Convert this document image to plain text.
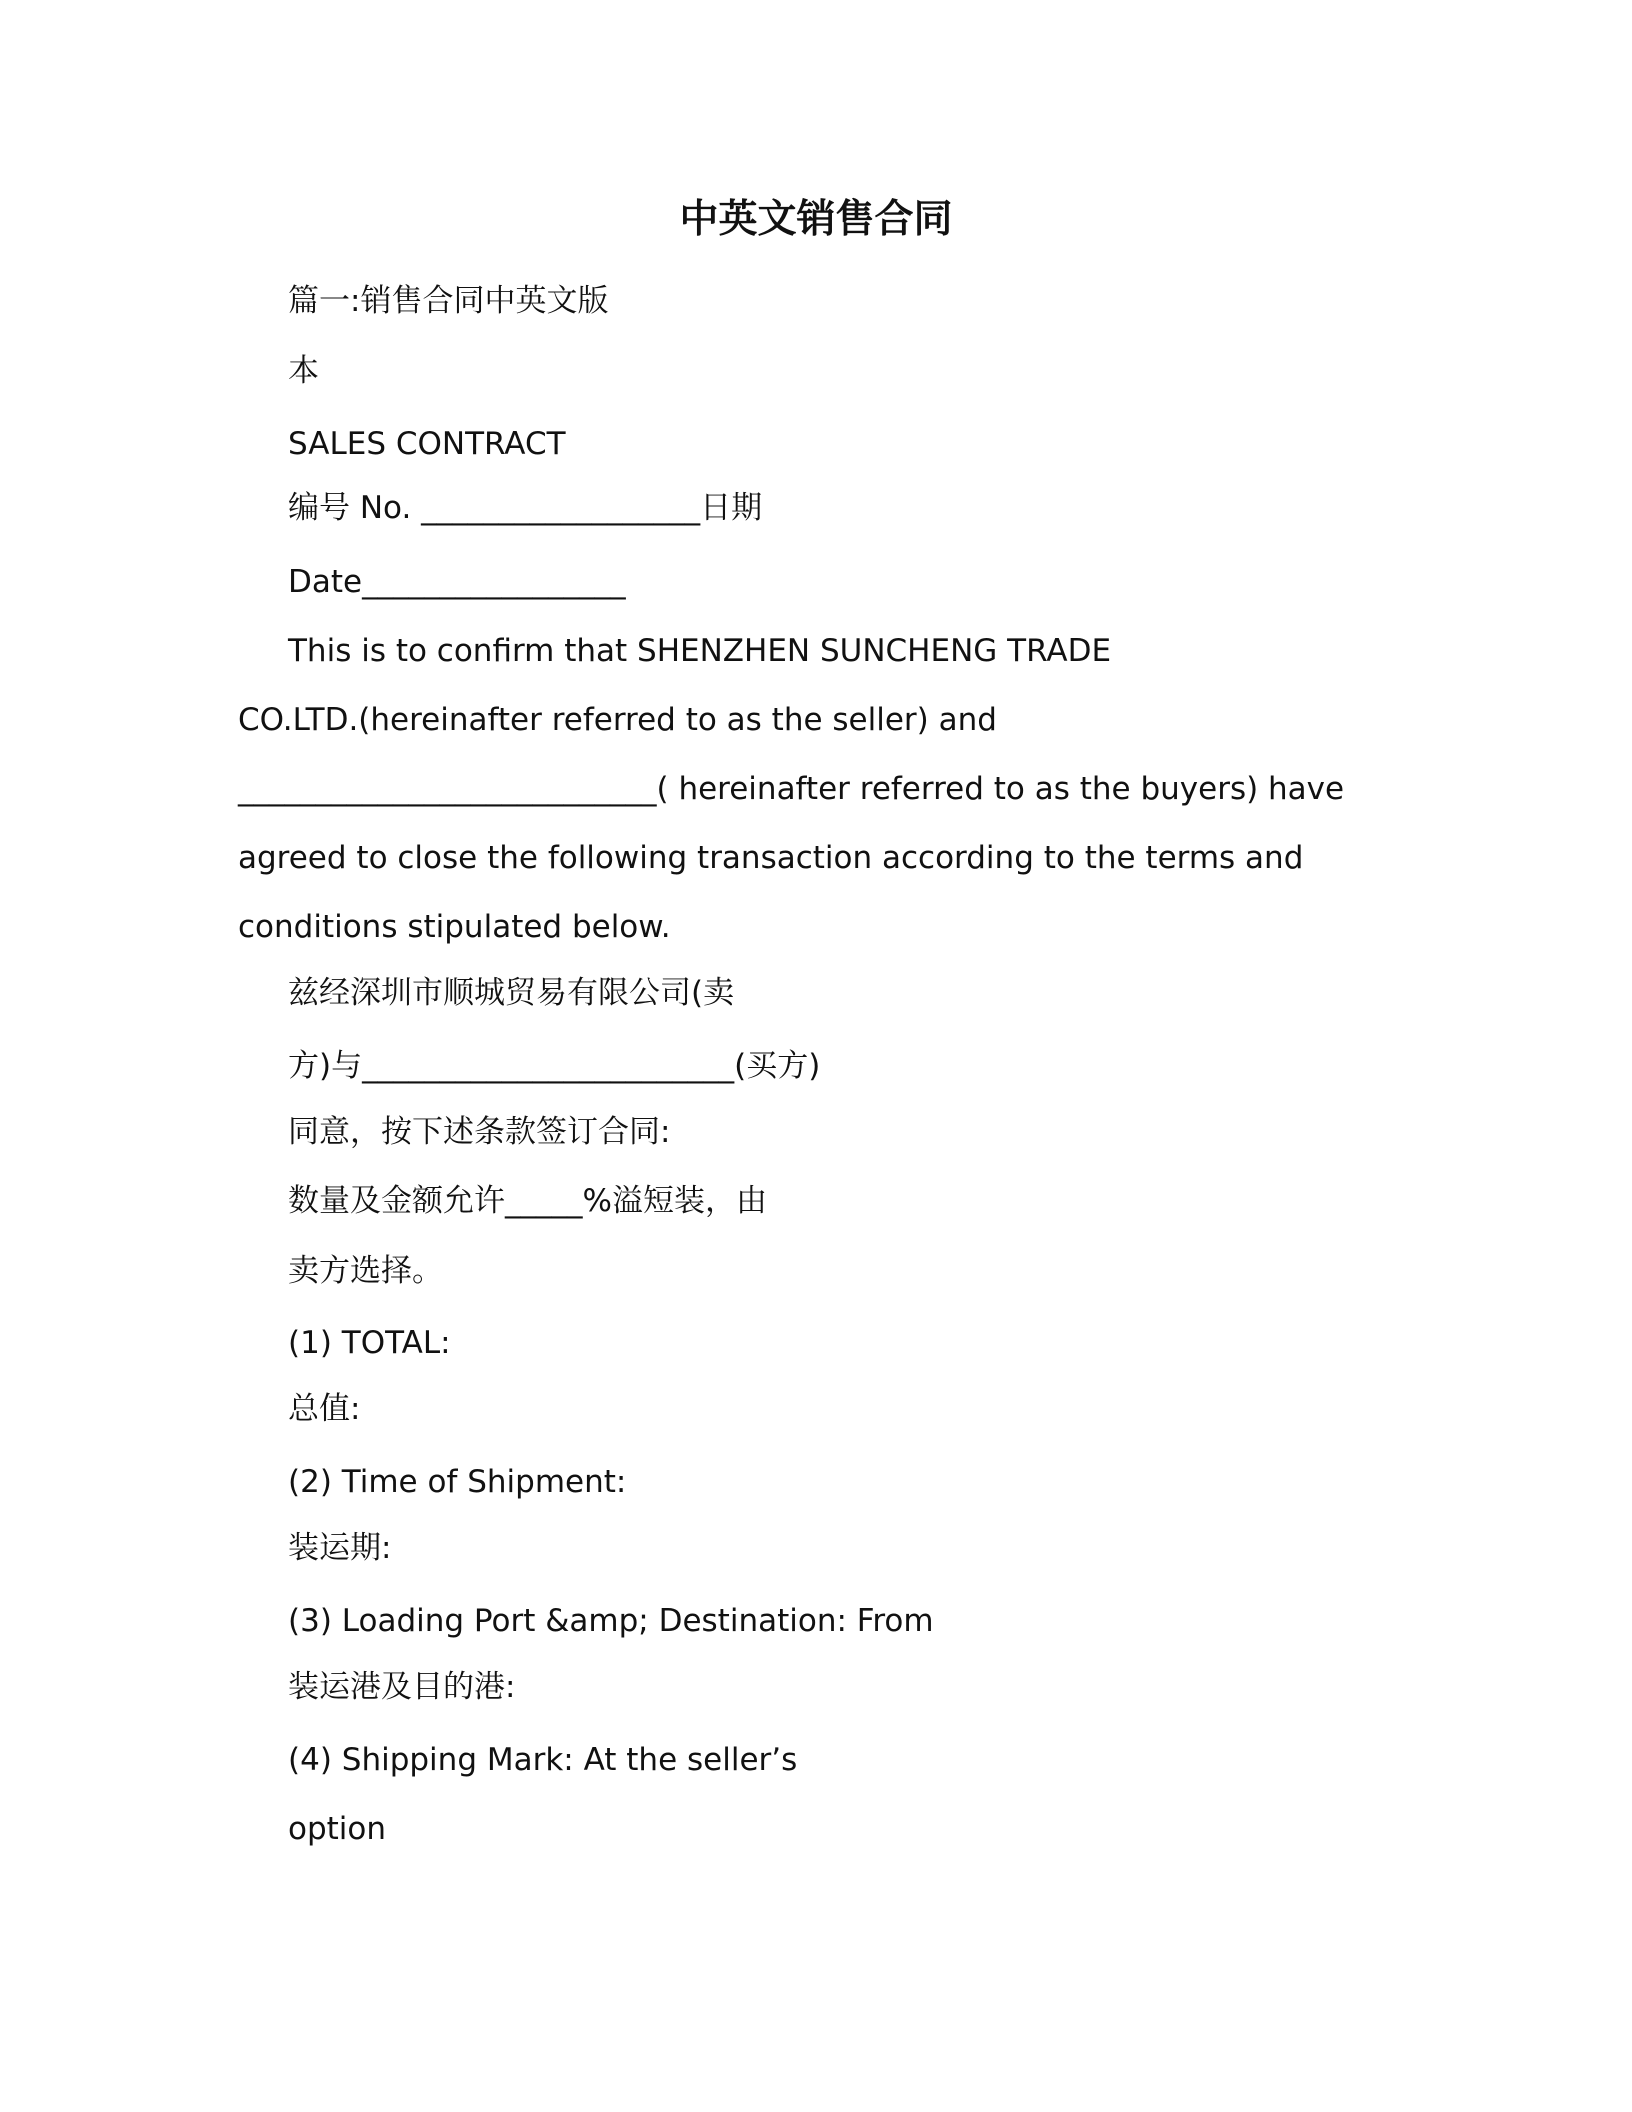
中英文销售合同
篇一:销售合同中英文版
本
SALES CONTRACT
编号 No. __________________日期
Date_________________
This is to confirm that SHENZHEN SUNCHENG TRADE
CO.LTD.(hereinafter referred to as the seller) and
___________________________( hereinafter referred to as the buyers) have
agreed to close the following transaction according to the terms and
conditions stipulated below.
兹经深圳市顺城贸易有限公司(卖
方)与________________________(买方)
同意，按下述条款签订合同:
数量及金额允许_____%溢短装，由
卖方选择。
(1) TOTAL:
总值:
(2) Time of Shipment:
装运期:
(3) Loading Port &amp; Destination: From
装运港及目的港:
(4) Shipping Mark: At the seller’s
option
